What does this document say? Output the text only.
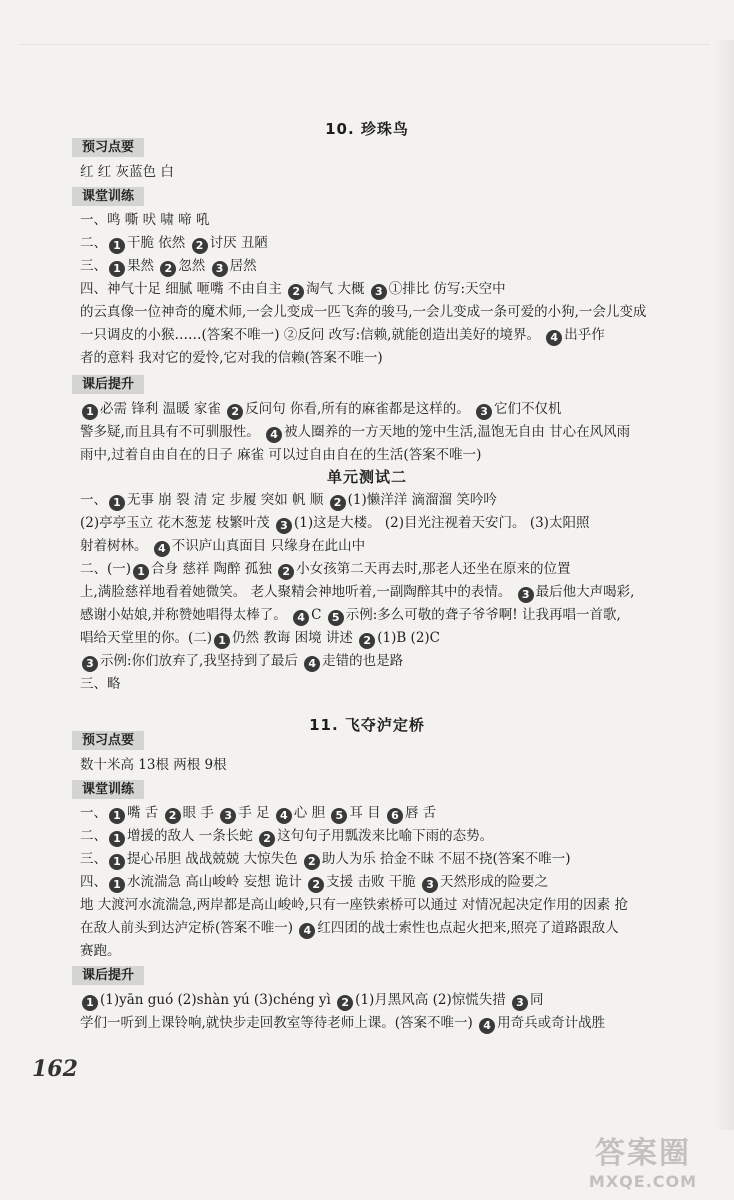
10. 珍珠鸟
单元测试二
11. 飞夺泸定桥
预习点要
课堂训练
课后提升
预习点要
课堂训练
课后提升
红 红 灰蓝色 白
一、鸣 嘶 吠 啸 啼 吼
二、 1 干脆 依然 2 讨厌 丑陋
三、 1 果然 2 忽然 3 居然
四、神气十足 细腻 咂嘴 不由自主 2 淘气 大概 3 ①排比 仿写:天空中
的云真像一位神奇的魔术师,一会儿变成一匹飞奔的骏马,一会儿变成一条可爱的小狗,一会儿变成
一只调皮的小猴……(答案不唯一) ②反问 改写:信赖,就能创造出美好的境界。 4 出乎作
者的意料 我对它的爱怜,它对我的信赖(答案不唯一)
1 必需 锋利 温暖 家雀 2 反问句 你看,所有的麻雀都是这样的。 3 它们不仅机
警多疑,而且具有不可驯服性。 4 被人圈养的一方天地的笼中生活,温饱无自由 甘心在风风雨
雨中,过着自由自在的日子 麻雀 可以过自由自在的生活(答案不唯一)
一、 1 无事 崩 裂 清 定 步履 突如 帆 顺 2 (1)懒洋洋 滴溜溜 笑吟吟
(2)亭亭玉立 花木葱茏 枝繁叶茂 3 (1)这是大楼。 (2)目光注视着天安门。 (3)太阳照
射着树林。 4 不识庐山真面目 只缘身在此山中
二、(一) 1 合身 慈祥 陶醉 孤独 2 小女孩第二天再去时,那老人还坐在原来的位置
上,满脸慈祥地看着她微笑。 老人聚精会神地听着,一副陶醉其中的表情。 3 最后他大声喝彩,
感谢小姑娘,并称赞她唱得太棒了。 4 C 5 示例:多么可敬的聋子爷爷啊! 让我再唱一首歌,
唱给天堂里的你。(二) 1 仍然 教诲 困境 讲述 2 (1)B (2)C
3 示例:你们放弃了,我坚持到了最后 4 走错的也是路
三、略
数十米高 13根 两根 9根
一、 1 嘴 舌 2 眼 手 3 手 足 4 心 胆 5 耳 目 6 唇 舌
二、 1 增援的敌人 一条长蛇 2 这句句子用瓢泼来比喻下雨的态势。
三、 1 提心吊胆 战战兢兢 大惊失色 2 助人为乐 拾金不昧 不屈不挠(答案不唯一)
四、 1 水流湍急 高山峻岭 妄想 诡计 2 支援 击败 干脆 3 天然形成的险要之
地 大渡河水流湍急,两岸都是高山峻岭,只有一座铁索桥可以通过 对情况起决定作用的因素 抢
在敌人前头到达泸定桥(答案不唯一) 4 红四团的战士索性也点起火把来,照亮了道路跟敌人
赛跑。
1 (1)yān guó (2)shàn yú (3)chéng yì 2 (1)月黑风高 (2)惊慌失措 3 同
学们一听到上课铃响,就快步走回教室等待老师上课。(答案不唯一) 4 用奇兵或奇计战胜
162
答案圈
MXQE.COM
